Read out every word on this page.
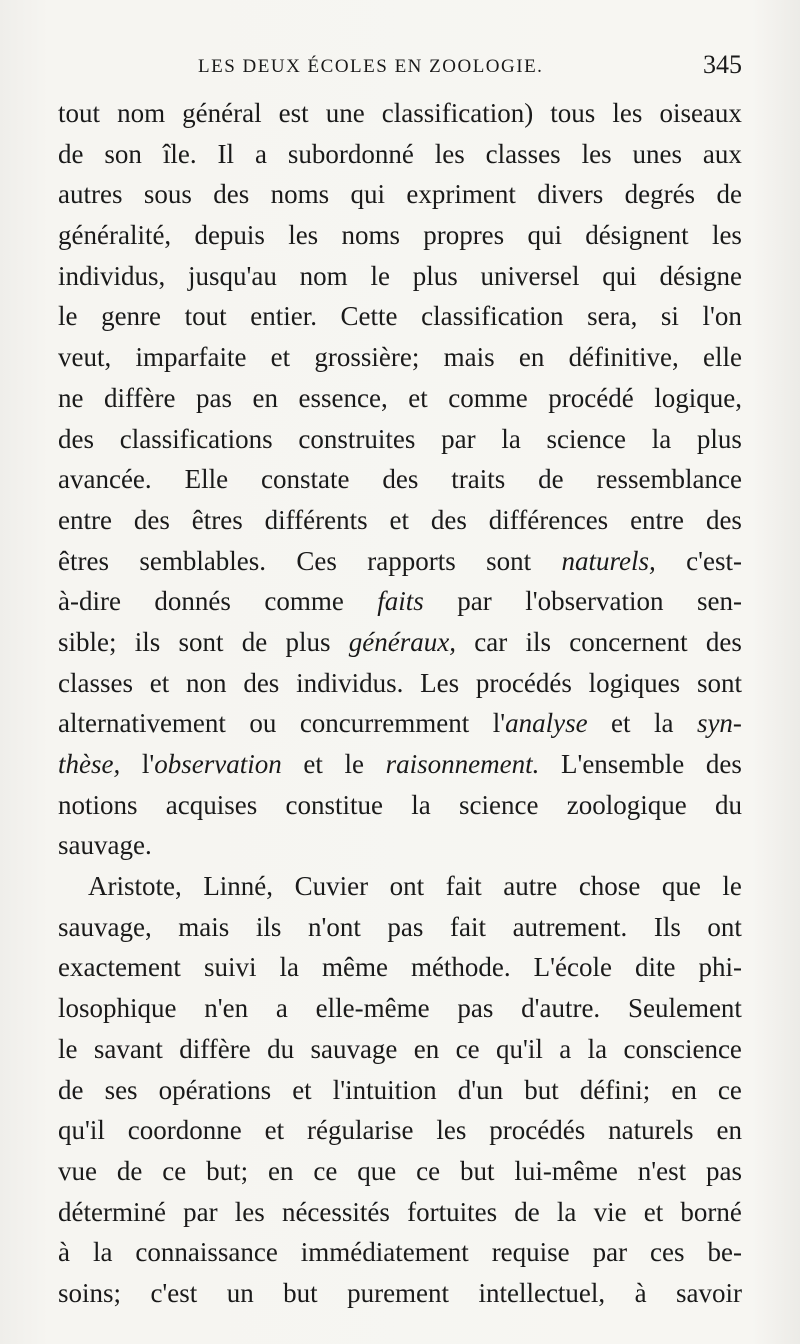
LES DEUX ÉCOLES EN ZOOLOGIE.	345
tout nom général est une classification) tous les oiseaux
de son île. Il a subordonné les classes les unes aux
autres sous des noms qui expriment divers degrés de
généralité, depuis les noms propres qui désignent les
individus, jusqu'au nom le plus universel qui désigne
le genre tout entier. Cette classification sera, si l'on
veut, imparfaite et grossière; mais en définitive, elle
ne diffère pas en essence, et comme procédé logique,
des classifications construites par la science la plus
avancée. Elle constate des traits de ressemblance
entre des êtres différents et des différences entre des
êtres semblables. Ces rapports sont naturels, c'est-
à-dire donnés comme faits par l'observation sen-
sible; ils sont de plus généraux, car ils concernent des
classes et non des individus. Les procédés logiques sont
alternativement ou concurremment l'analyse et la syn-
thèse, l'observation et le raisonnement. L'ensemble des
notions acquises constitue la science zoologique du
sauvage.
Aristote, Linné, Cuvier ont fait autre chose que le
sauvage, mais ils n'ont pas fait autrement. Ils ont
exactement suivi la même méthode. L'école dite phi-
losophique n'en a elle-même pas d'autre. Seulement
le savant diffère du sauvage en ce qu'il a la conscience
de ses opérations et l'intuition d'un but défini; en ce
qu'il coordonne et régularise les procédés naturels en
vue de ce but; en ce que ce but lui-même n'est pas
déterminé par les nécessités fortuites de la vie et borné
à la connaissance immédiatement requise par ces be-
soins; c'est un but purement intellectuel, à savoir
